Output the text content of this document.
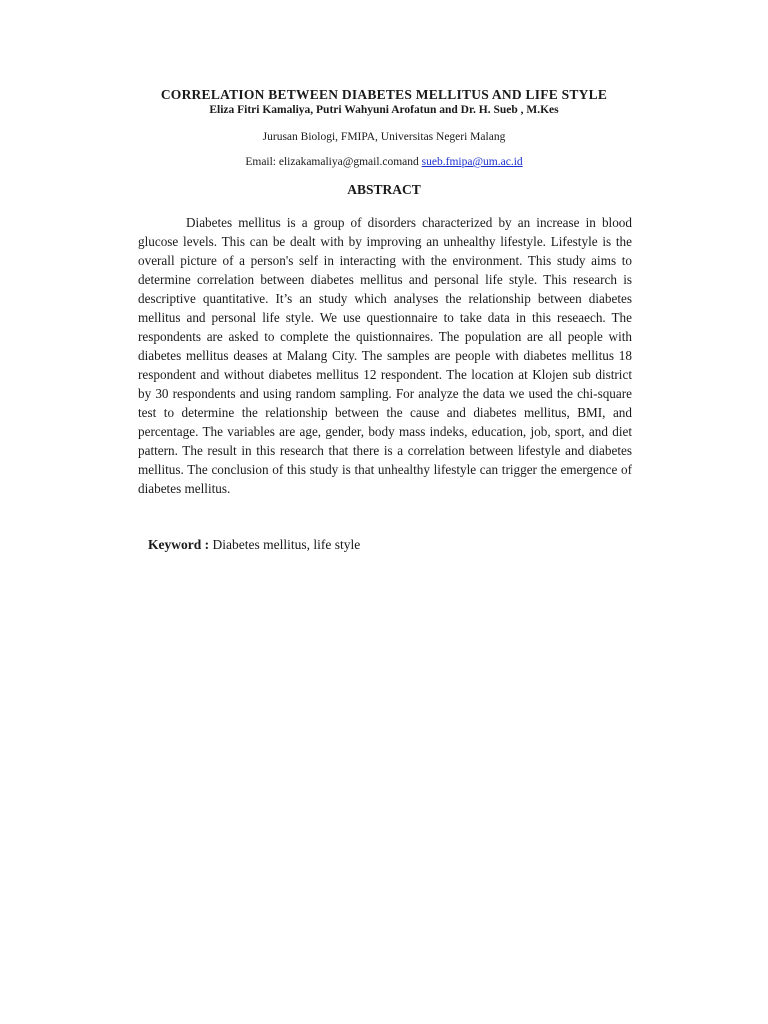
CORRELATION BETWEEN DIABETES MELLITUS AND LIFE STYLE
Eliza Fitri Kamaliya, Putri Wahyuni Arofatun and Dr. H. Sueb , M.Kes
Jurusan Biologi, FMIPA, Universitas Negeri Malang
Email: elizakamaliya@gmail.comand sueb.fmipa@um.ac.id
ABSTRACT

Diabetes mellitus is a group of disorders characterized by an increase in blood glucose levels. This can be dealt with by improving an unhealthy lifestyle. Lifestyle is the overall picture of a person's self in interacting with the environment. This study aims to determine correlation between diabetes mellitus and personal life style. This research is descriptive quantitative. It’s an study which analyses the relationship between diabetes mellitus and personal life style. We use questionnaire to take data in this reseaech. The respondents are asked to complete the quistionnaires. The population are all people with diabetes mellitus deases at Malang City. The samples are people with diabetes mellitus 18 respondent and without diabetes mellitus 12 respondent. The location at Klojen sub district by 30 respondents and using random sampling. For analyze the data we used the chi-square test to determine the relationship between the cause and diabetes mellitus, BMI, and percentage. The variables are age, gender, body mass indeks, education, job, sport, and diet pattern. The result in this research that there is a correlation between lifestyle and diabetes mellitus. The conclusion of this study is that unhealthy lifestyle can trigger the emergence of diabetes mellitus.

Keyword : Diabetes mellitus, life style
